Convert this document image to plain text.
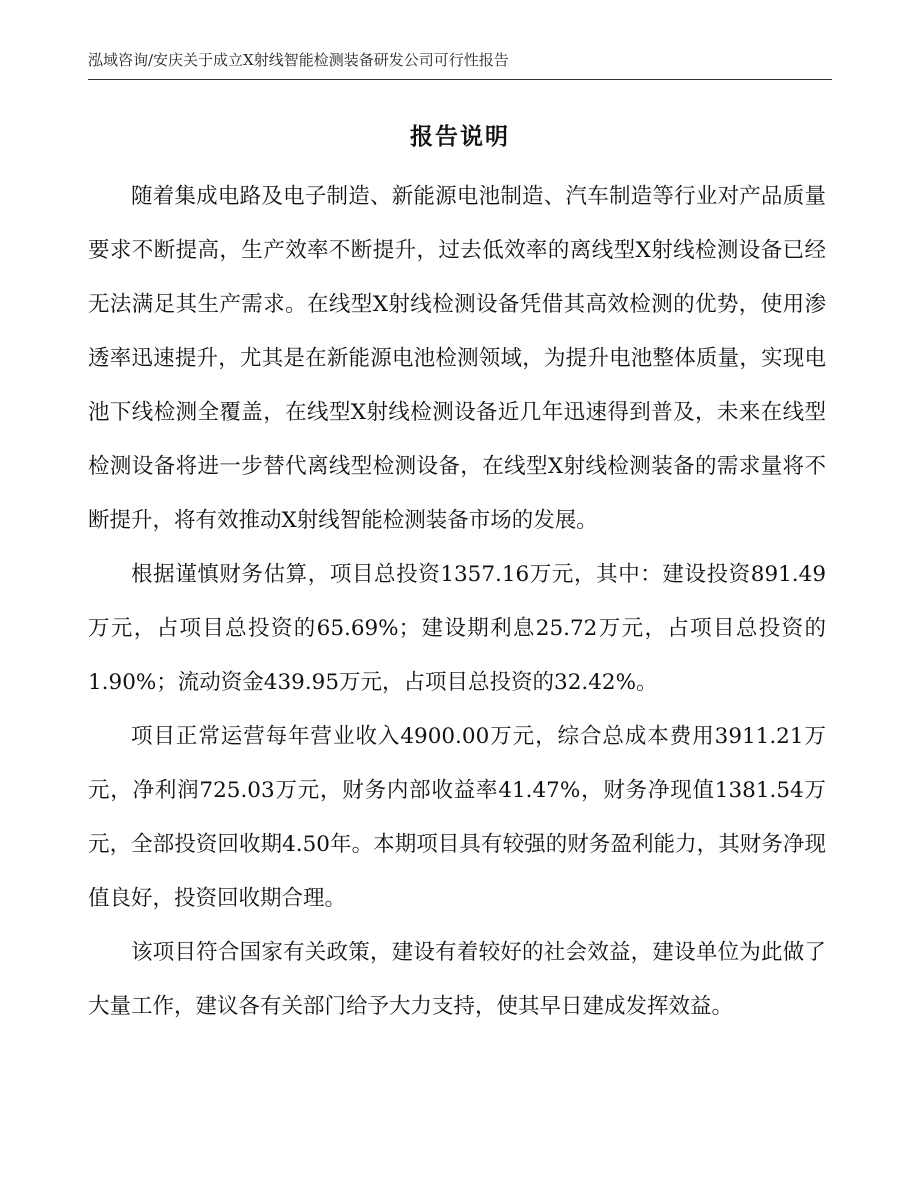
泓域咨询/安庆关于成立X射线智能检测装备研发公司可行性报告
报告说明

随着集成电路及电子制造、新能源电池制造、汽车制造等行业对产品质量要求不断提高，生产效率不断提升，过去低效率的离线型X射线检测设备已经无法满足其生产需求。在线型X射线检测设备凭借其高效检测的优势，使用渗透率迅速提升，尤其是在新能源电池检测领域，为提升电池整体质量，实现电池下线检测全覆盖，在线型X射线检测设备近几年迅速得到普及，未来在线型检测设备将进一步替代离线型检测设备，在线型X射线检测装备的需求量将不断提升，将有效推动X射线智能检测装备市场的发展。

根据谨慎财务估算，项目总投资1357.16万元，其中：建设投资891.49万元，占项目总投资的65.69%；建设期利息25.72万元，占项目总投资的1.90%；流动资金439.95万元，占项目总投资的32.42%。

项目正常运营每年营业收入4900.00万元，综合总成本费用3911.21万元，净利润725.03万元，财务内部收益率41.47%，财务净现值1381.54万元，全部投资回收期4.50年。本期项目具有较强的财务盈利能力，其财务净现值良好，投资回收期合理。

该项目符合国家有关政策，建设有着较好的社会效益，建设单位为此做了大量工作，建议各有关部门给予大力支持，使其早日建成发挥效益。
